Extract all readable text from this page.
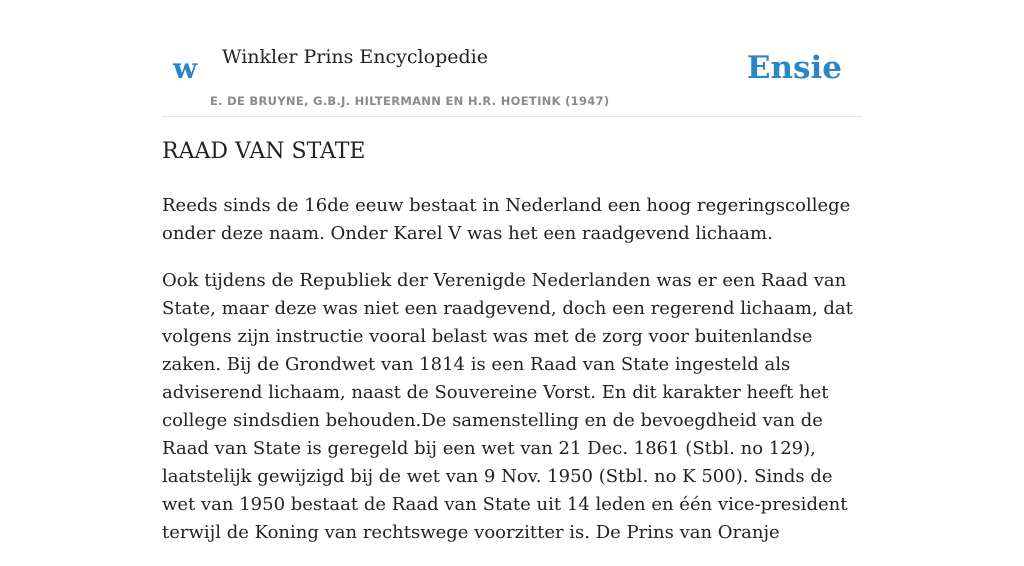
w Winkler Prins Encyclopedie
E. DE BRUYNE, G.B.J. HILTERMANN EN H.R. HOETINK (1947)
Ensie
RAAD VAN STATE

Reeds sinds de 16de eeuw bestaat in Nederland een hoog regeringscollege onder deze naam. Onder Karel V was het een raadgevend lichaam.

Ook tijdens de Republiek der Verenigde Nederlanden was er een Raad van State, maar deze was niet een raadgevend, doch een regerend lichaam, dat volgens zijn instructie vooral belast was met de zorg voor buitenlandse zaken. Bij de Grondwet van 1814 is een Raad van State ingesteld als adviserend lichaam, naast de Souvereine Vorst. En dit karakter heeft het college sindsdien behouden.De samenstelling en de bevoegdheid van de Raad van State is geregeld bij een wet van 21 Dec. 1861 (Stbl. no 129), laatstelijk gewijzigd bij de wet van 9 Nov. 1950 (Stbl. no K 500). Sinds de wet van 1950 bestaat de Raad van State uit 14 leden en één vice-president terwijl de Koning van rechtswege voorzitter is. De Prins van Oranje
